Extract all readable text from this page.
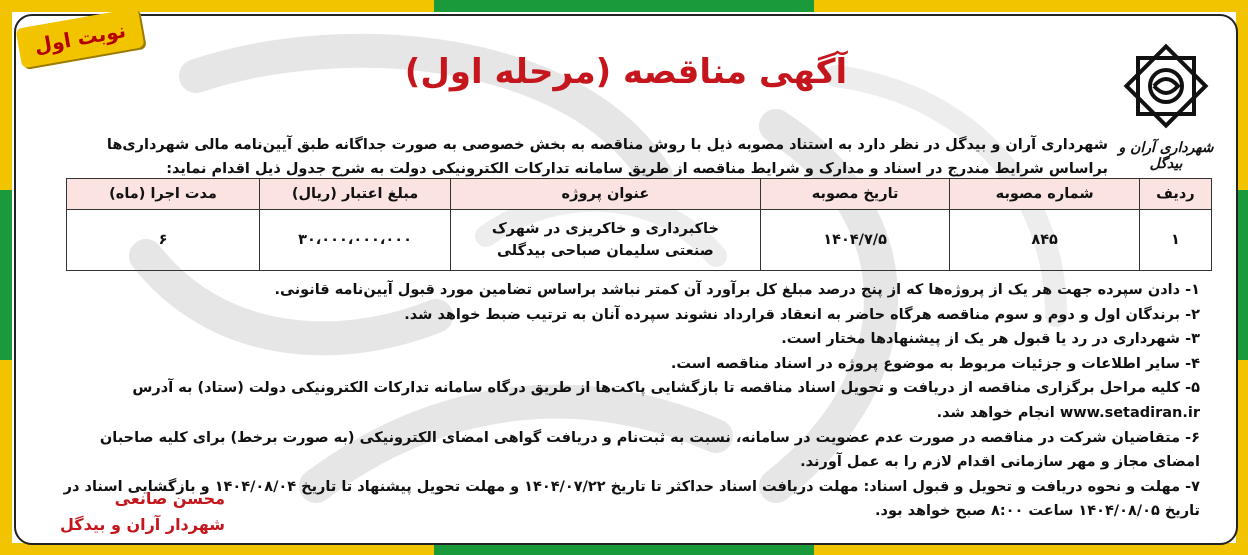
شهرداری آران و بیدگل
آگهی مناقصه (مرحله اول)

شهرداری آران و بیدگل در نظر دارد به استناد مصوبه ذیل با روش مناقصه به بخش خصوصی به صورت جداگانه طبق آیین‌نامه مالی شهرداری‌ها براساس شرایط مندرج در اسناد و مدارک و شرایط مناقصه از طریق سامانه تدارکات الکترونیکی دولت به شرح جدول ذیل اقدام نماید:

ردیف	شماره مصوبه	تاریخ مصوبه	عنوان پروژه	مبلغ اعتبار (ریال)	مدت اجرا (ماه)
۱	۸۴۵	۱۴۰۴/۷/۵	خاکبرداری و خاکریزی در شهرک صنعتی سلیمان صباحی بیدگلی	۳۰،۰۰۰،۰۰۰،۰۰۰	۶

۱- دادن سپرده جهت هر یک از پروژه‌ها که از پنج درصد مبلغ کل برآورد آن کمتر نباشد براساس تضامین مورد قبول آیین‌نامه قانونی.

۲- برندگان اول و دوم و سوم مناقصه هرگاه حاضر به انعقاد قرارداد نشوند سپرده آنان به ترتیب ضبط خواهد شد.

۳- شهرداری در رد یا قبول هر یک از پیشنهادها مختار است.

۴- سایر اطلاعات و جزئیات مربوط به موضوع پروژه در اسناد مناقصه است.

۵- کلیه مراحل برگزاری مناقصه از دریافت و تحویل اسناد مناقصه تا بازگشایی پاکت‌ها از طریق درگاه سامانه تدارکات الکترونیکی دولت (ستاد) به آدرس www.setadiran.ir انجام خواهد شد.

۶- متقاضیان شرکت در مناقصه در صورت عدم عضویت در سامانه، نسبت به ثبت‌نام و دریافت گواهی امضای الکترونیکی (به صورت برخط) برای کلیه صاحبان امضای مجاز و مهر سازمانی اقدام لازم را به عمل آورند.

۷- مهلت و نحوه دریافت و تحویل و قبول اسناد: مهلت دریافت اسناد حداکثر تا تاریخ ۱۴۰۴/۰۷/۲۲ و مهلت تحویل پیشنهاد تا تاریخ ۱۴۰۴/۰۸/۰۴ و بازگشایی اسناد در تاریخ ۱۴۰۴/۰۸/۰۵ ساعت ۸:۰۰ صبح خواهد بود.

محسن صانعی
شهردار آران و بیدگل
نوبت اول
